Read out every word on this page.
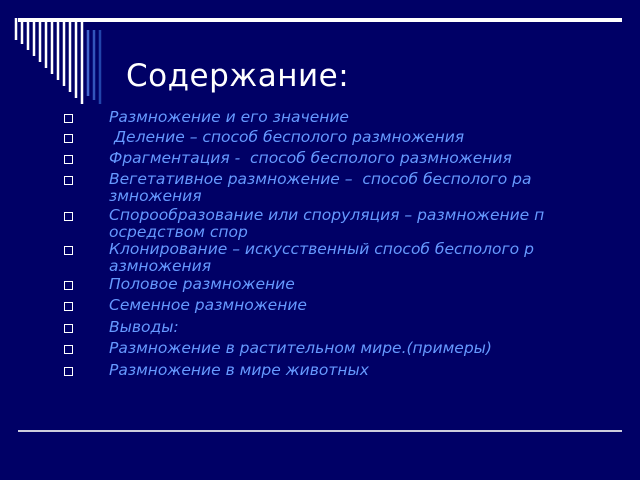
Содержание:
Размножение и его значение
Деление – способ бесполого размножения
Фрагментация -  способ бесполого размножения
Вегетативное размножение –  способ бесполого ра
змножения
Спорообразование или споруляция – размножение п
осредством спор
Клонирование – искусственный способ бесполого р
азмножения
Половое размножение
Семенное размножение
Выводы:
Размножение в растительном мире.(примеры)
Размножение в мире животных
